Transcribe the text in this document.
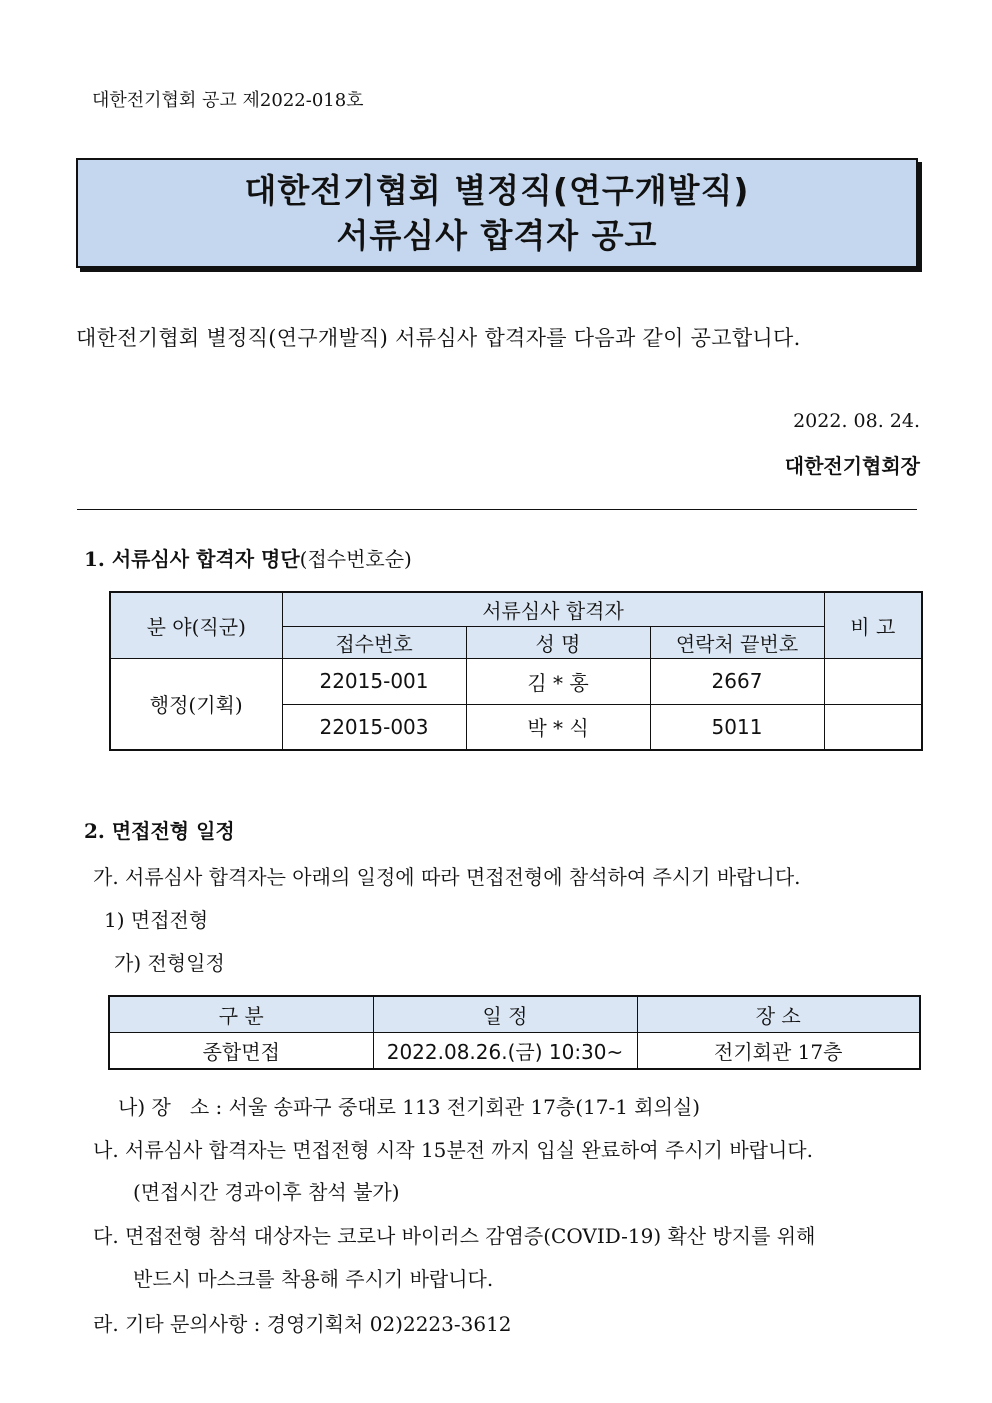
대한전기협회 공고 제2022-018호
대한전기협회 별정직(연구개발직)
서류심사 합격자 공고
대한전기협회 별정직(연구개발직) 서류심사 합격자를 다음과 같이 공고합니다.
2022. 08. 24.
대한전기협회장
1. 서류심사 합격자 명단(접수번호순)
분 야(직군)	서류심사 합격자			비 고
	접수번호	성 명	연락처 끝번호	
행정(기획)	22015-001	김 * 홍	2667	
	22015-003	박 * 식	5011	
2. 면접전형 일정
가. 서류심사 합격자는 아래의 일정에 따라 면접전형에 참석하여 주시기 바랍니다.
1) 면접전형
가) 전형일정
구 분	일 정	장 소
종합면접	2022.08.26.(금) 10:30~	전기회관 17층
나) 장   소 : 서울 송파구 중대로 113 전기회관 17층(17-1 회의실)
나. 서류심사 합격자는 면접전형 시작 15분전 까지 입실 완료하여 주시기 바랍니다.
(면접시간 경과이후 참석 불가)
다. 면접전형 참석 대상자는 코로나 바이러스 감염증(COVID-19) 확산 방지를 위해
반드시 마스크를 착용해 주시기 바랍니다.
라. 기타 문의사항 : 경영기획처 02)2223-3612
